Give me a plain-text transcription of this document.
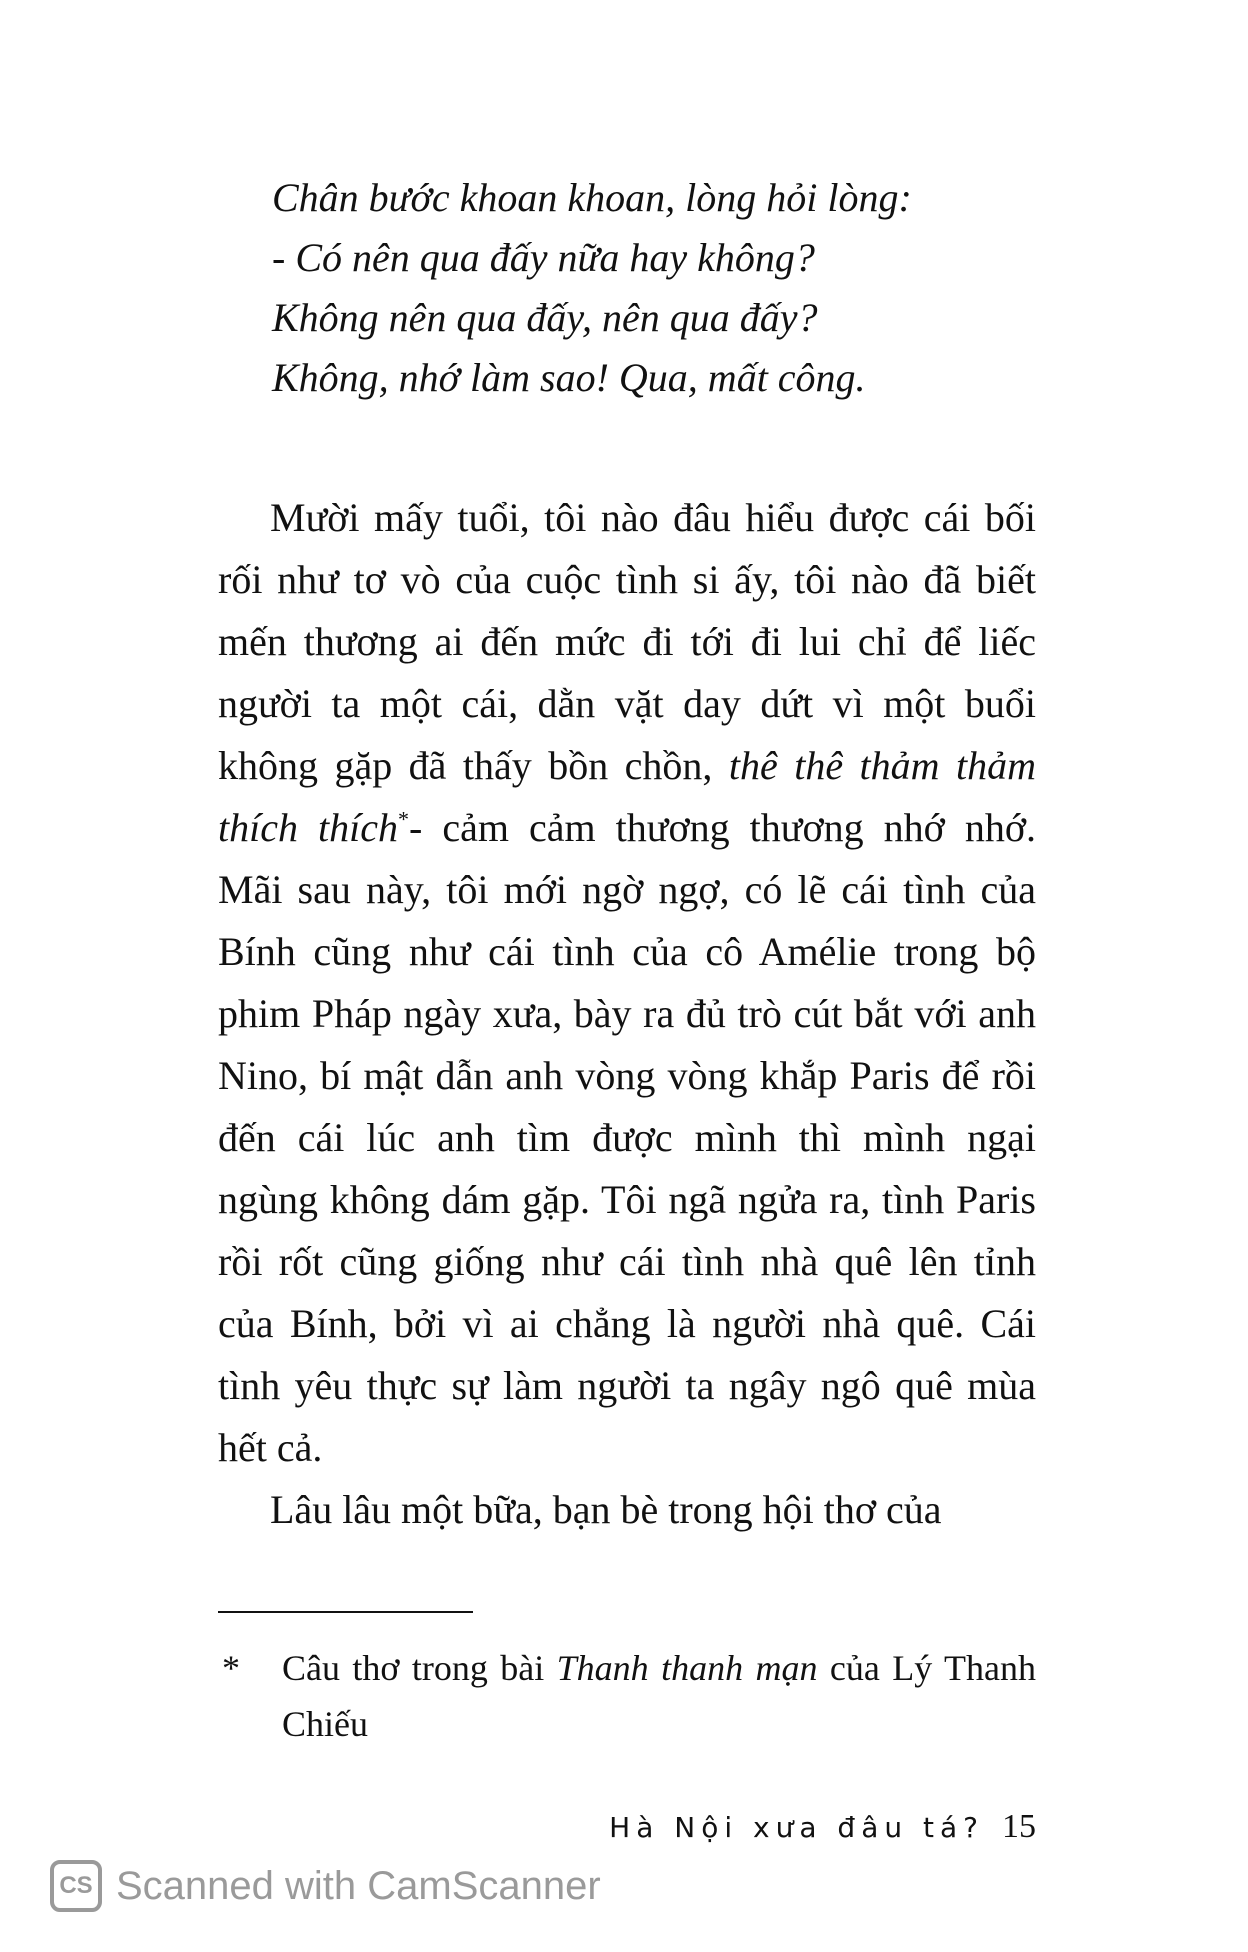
Chân bước khoan khoan, lòng hỏi lòng:
- Có nên qua đấy nữa hay không?
Không nên qua đấy, nên qua đấy?
Không, nhớ làm sao! Qua, mất công.

Mười mấy tuổi, tôi nào đâu hiểu được cái bối rối như tơ vò của cuộc tình si ấy, tôi nào đã biết mến thương ai đến mức đi tới đi lui chỉ để liếc người ta một cái, dằn vặt day dứt vì một buổi không gặp đã thấy bồn chồn, thê thê thảm thảm thích thích*- cảm cảm thương thương nhớ nhớ. Mãi sau này, tôi mới ngờ ngợ, có lẽ cái tình của Bính cũng như cái tình của cô Amélie trong bộ phim Pháp ngày xưa, bày ra đủ trò cút bắt với anh Nino, bí mật dẫn anh vòng vòng khắp Paris để rồi đến cái lúc anh tìm được mình thì mình ngại ngùng không dám gặp. Tôi ngã ngửa ra, tình Paris rồi rốt cũng giống như cái tình nhà quê lên tỉnh của Bính, bởi vì ai chẳng là người nhà quê. Cái tình yêu thực sự làm người ta ngây ngô quê mùa hết cả.

Lâu lâu một bữa, bạn bè trong hội thơ của

* Câu thơ trong bài Thanh thanh mạn của Lý Thanh Chiếu
Hà Nội xưa đâu tá? 15
CS Scanned with CamScanner
